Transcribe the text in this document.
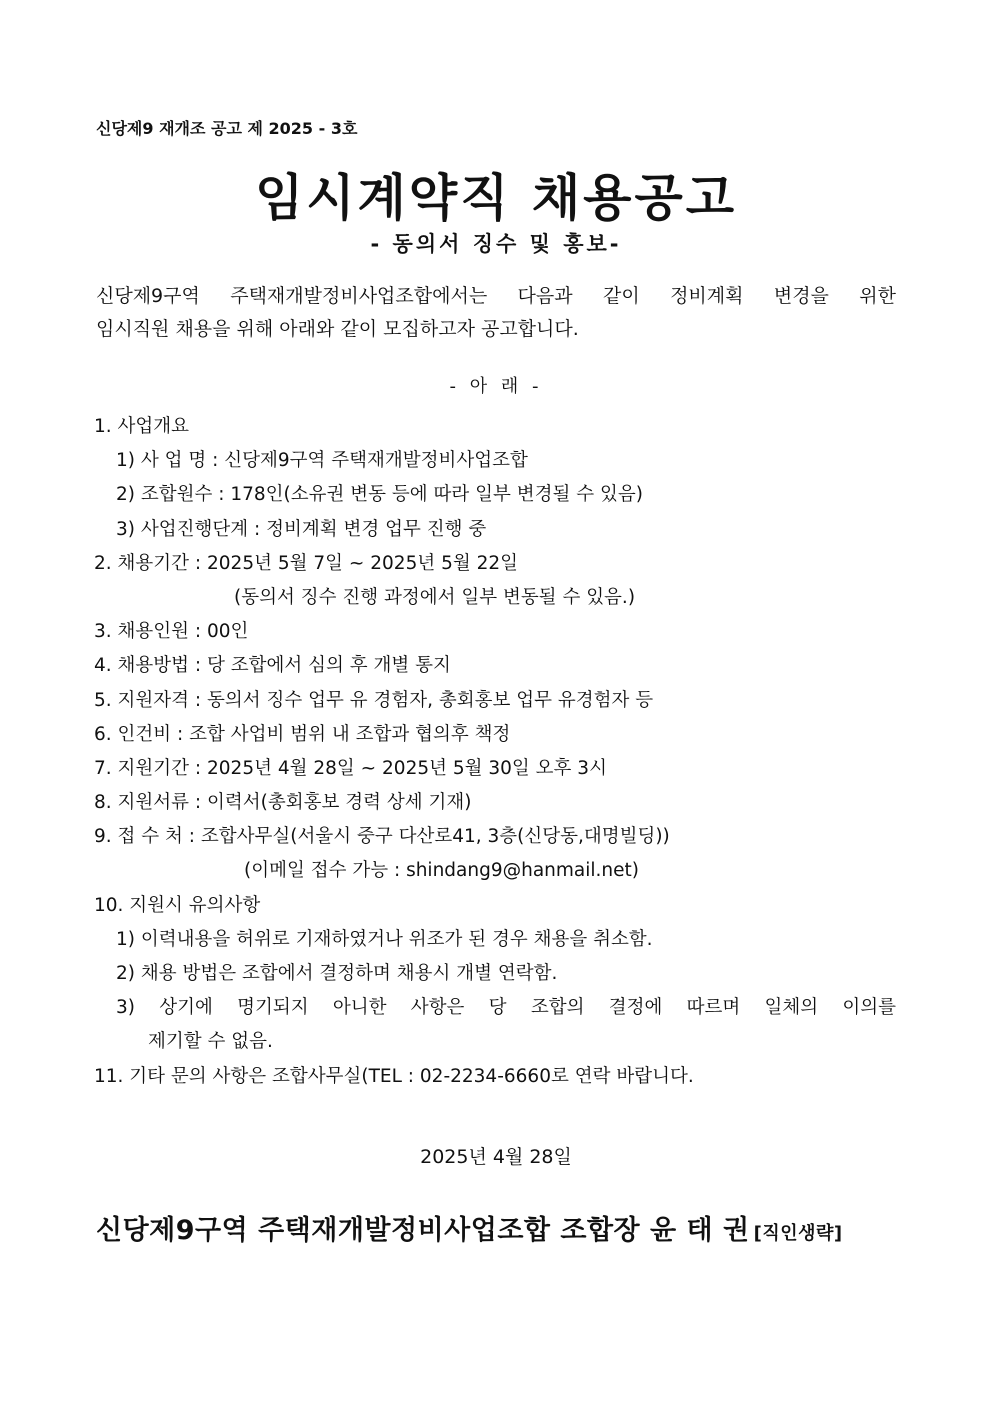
신당제9 재개조 공고 제 2025 - 3호
임시계약직 채용공고
- 동의서 징수 및 홍보-
신당제9구역 주택재개발정비사업조합에서는 다음과 같이 정비계획 변경을 위한
임시직원 채용을 위해 아래와 같이 모집하고자 공고합니다.
- 아 래 -
1. 사업개요
1) 사 업 명 : 신당제9구역 주택재개발정비사업조합
2) 조합원수 : 178인(소유권 변동 등에 따라 일부 변경될 수 있음)
3) 사업진행단계 : 정비계획 변경 업무 진행 중
2. 채용기간 : 2025년 5월 7일 ~ 2025년 5월 22일
(동의서 징수 진행 과정에서 일부 변동될 수 있음.)
3. 채용인원 : 00인
4. 채용방법 : 당 조합에서 심의 후 개별 통지
5. 지원자격 : 동의서 징수 업무 유 경험자, 총회홍보 업무 유경험자 등
6. 인건비 : 조합 사업비 범위 내 조합과 협의후 책정
7. 지원기간 : 2025년 4월 28일 ~ 2025년 5월 30일 오후 3시
8. 지원서류 : 이력서(총회홍보 경력 상세 기재)
9. 접 수 처 : 조합사무실(서울시 중구 다산로41, 3층(신당동,대명빌딩))
(이메일 접수 가능 : shindang9@hanmail.net)
10. 지원시 유의사항
1) 이력내용을 허위로 기재하였거나 위조가 된 경우 채용을 취소함.
2) 채용 방법은 조합에서 결정하며 채용시 개별 연락함.
3) 상기에 명기되지 아니한 사항은 당 조합의 결정에 따르며 일체의 이의를
제기할 수 없음.
11. 기타 문의 사항은 조합사무실(TEL : 02-2234-6660로 연락 바랍니다.
2025년 4월 28일
신당제9구역 주택재개발정비사업조합 조합장 윤 태 권 [직인생략]
